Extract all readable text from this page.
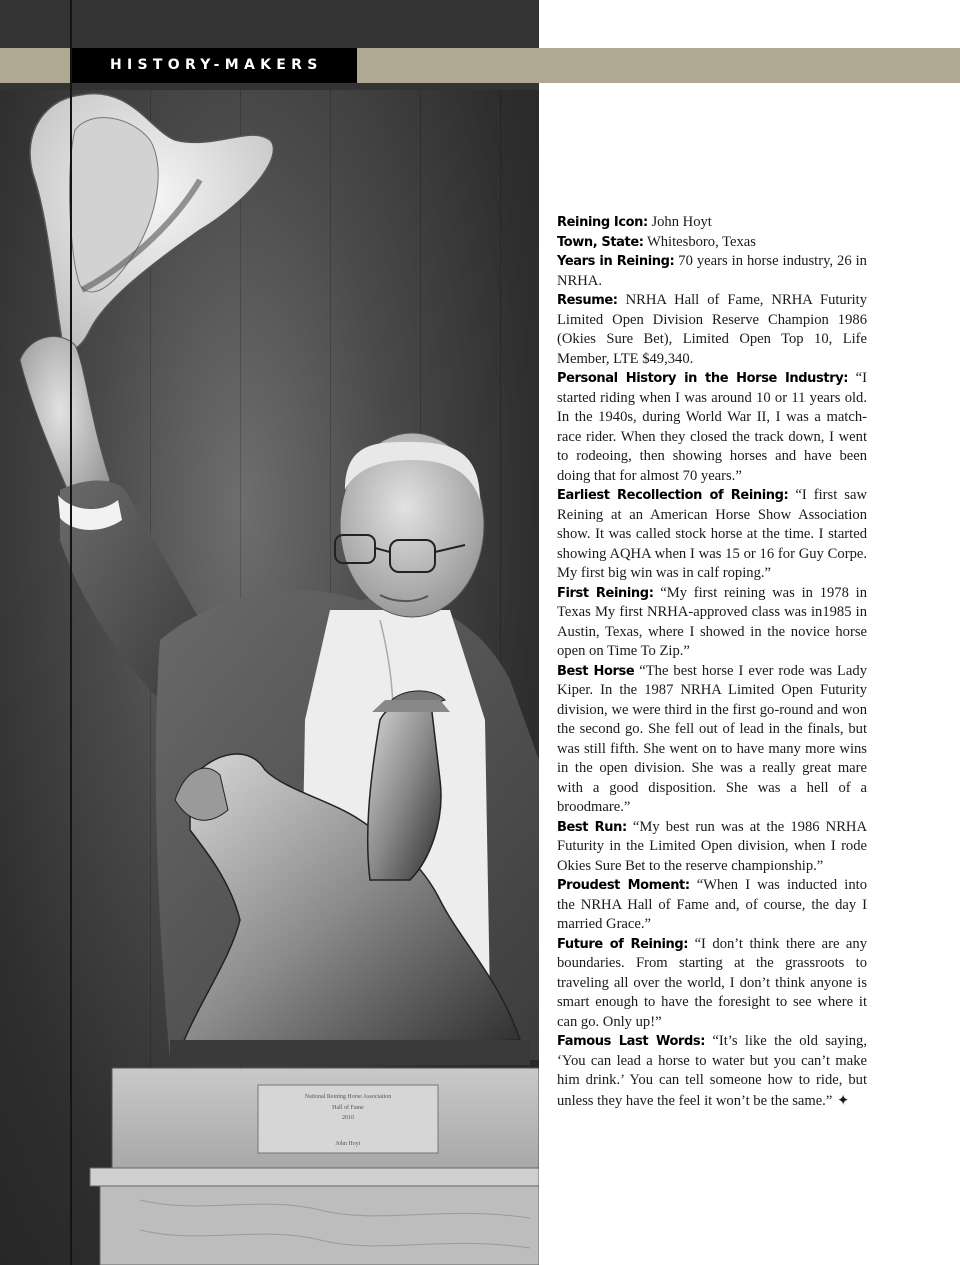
National Reining Horse Association
Hall of Fame
2010
John Hoyt
HISTORY-MAKERS

Reining Icon: John Hoyt

Town, State: Whitesboro, Texas

Years in Reining: 70 years in horse industry, 26 in NRHA.

Resume: NRHA Hall of Fame, NRHA Futurity Limited Open Division Reserve Champion 1986 (Okies Sure Bet), Limited Open Top 10, Life Member, LTE $49,340.

Personal History in the Horse Industry: “I started riding when I was around 10 or 11 years old. In the 1940s, during World War II, I was a match-race rider. When they closed the track down, I went to rodeoing, then showing horses and have been doing that for almost 70 years.”

Earliest Recollection of Reining: “I first saw Reining at an American Horse Show Association show. It was called stock horse at the time. I started showing AQHA when I was 15 or 16 for Guy Corpe. My first big win was in calf roping.”

First Reining: “My first reining was in 1978 in Texas My first NRHA-approved class was in1985 in Austin, Texas, where I showed in the novice horse open on Time To Zip.”

Best Horse “The best horse I ever rode was Lady Kiper. In the 1987 NRHA Limited Open Futurity division, we were third in the first go-round and won the second go. She fell out of lead in the finals, but was still fifth. She went on to have many more wins in the open division. She was a really great mare with a good disposition. She was a hell of a broodmare.”

Best Run: “My best run was at the 1986 NRHA Futurity in the Limited Open division, when I rode Okies Sure Bet to the reserve championship.”

Proudest Moment: “When I was inducted into the NRHA Hall of Fame and, of course, the day I married Grace.”

Future of Reining: “I don’t think there are any boundaries. From starting at the grassroots to traveling all over the world, I don’t think anyone is smart enough to have the foresight to see where it can go. Only up!”

Famous Last Words: “It’s like the old saying, ‘You can lead a horse to water but you can’t make him drink.’ You can tell someone how to ride, but unless they have the feel it won’t be the same.” ✦
